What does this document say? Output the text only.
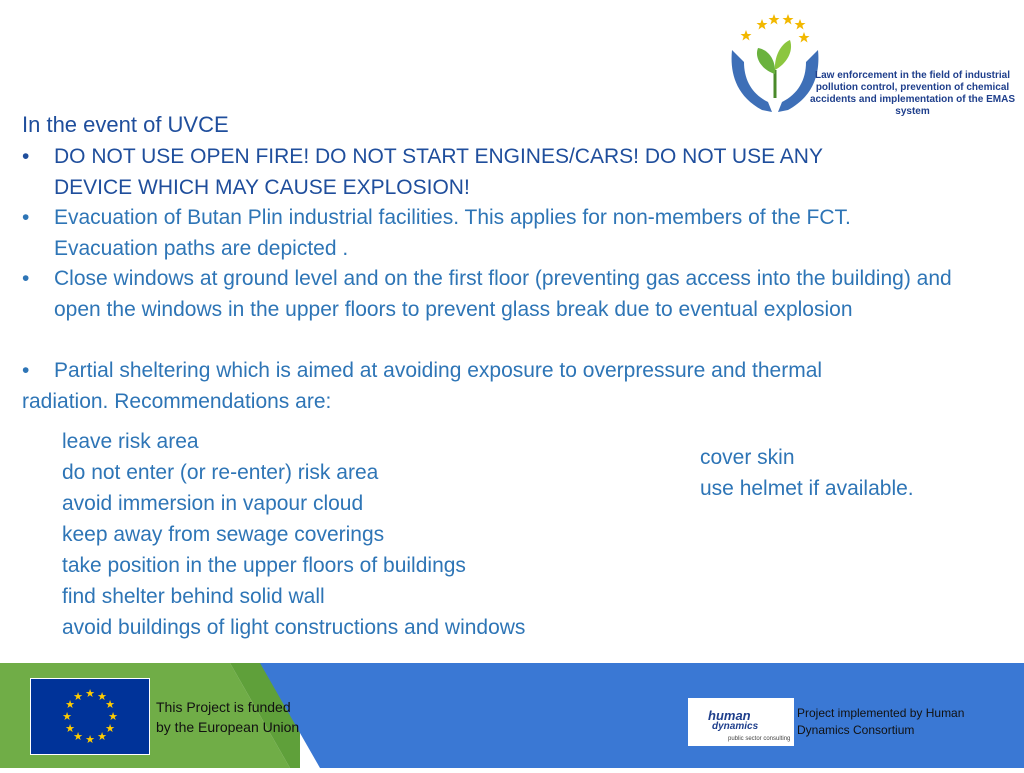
Law enforcement in the field of industrial pollution control, prevention of chemical accidents and implementation of the EMAS system
In the event of UVCE
•	DO NOT USE OPEN FIRE! DO NOT START ENGINES/CARS! DO NOT USE ANY DEVICE WHICH MAY CAUSE EXPLOSION!
•	Evacuation of Butan Plin industrial facilities. This applies for non-members of the FCT. Evacuation paths are depicted .
•	Close windows at ground level and on the first floor (preventing gas access into the building) and open the windows in the upper floors to prevent glass break due to eventual explosion
•	Partial sheltering which is aimed at avoiding exposure to overpressure and thermal radiation. Recommendations are:
leave risk area
do not enter (or re-enter) risk area
avoid immersion in vapour cloud
keep away from sewage coverings
take position in the upper floors of buildings
find shelter behind solid wall
avoid buildings of light constructions and windows
cover skin
use helmet if available.
★ ★
★
★
★
★
★
★
★
★
★
★
This Project is funded
by the European Union
human
dynamics
public sector consulting
Project implemented by Human Dynamics Consortium
